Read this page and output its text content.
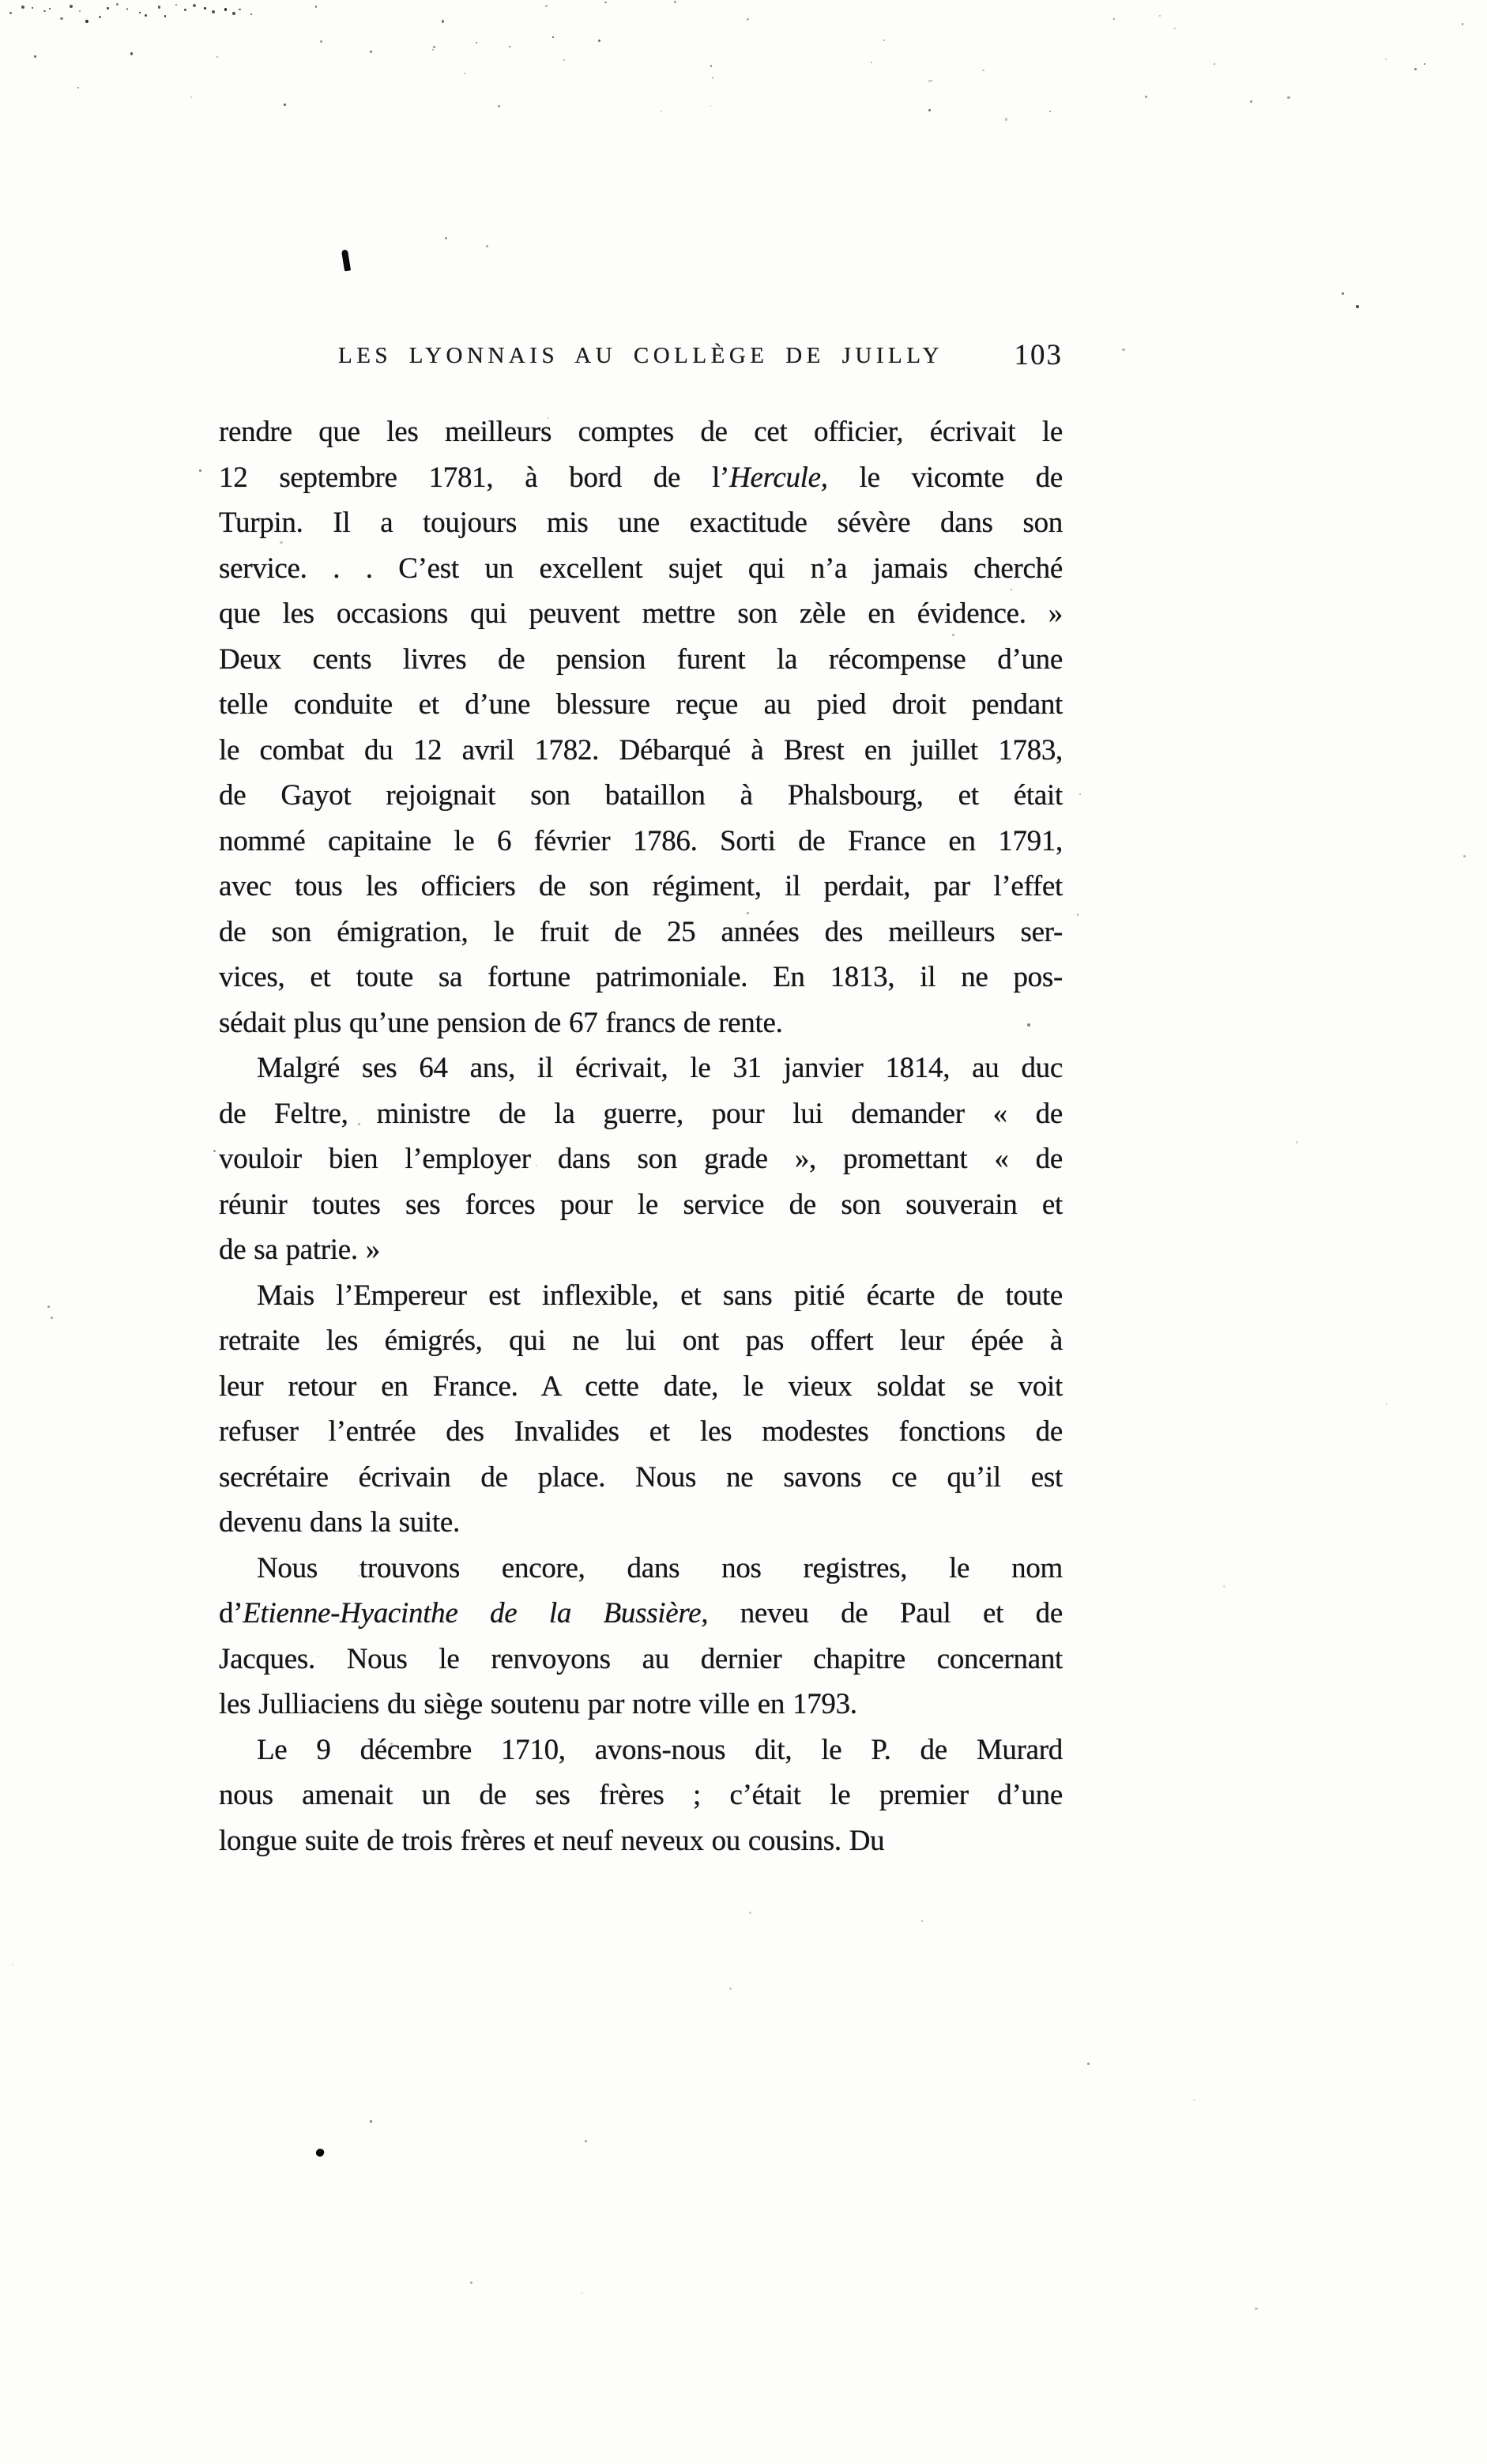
LES LYONNAIS AU COLLÈGE DE JUILLY 103
rendre que les meilleurs comptes de cet officier, écrivait le
12 septembre 1781, à bord de l’Hercule, le vicomte de
Turpin. Il a toujours mis une exactitude sévère dans son
service. . . C’est un excellent sujet qui n’a jamais cherché
que les occasions qui peuvent mettre son zèle en évidence. »
Deux cents livres de pension furent la récompense d’une
telle conduite et d’une blessure reçue au pied droit pendant
le combat du 12 avril 1782. Débarqué à Brest en juillet 1783,
de Gayot rejoignait son bataillon à Phalsbourg, et était
nommé capitaine le 6 février 1786. Sorti de France en 1791,
avec tous les officiers de son régiment, il perdait, par l’effet
de son émigration, le fruit de 25 années des meilleurs ser-
vices, et toute sa fortune patrimoniale. En 1813, il ne pos-
sédait plus qu’une pension de 67 francs de rente.
Malgré ses 64 ans, il écrivait, le 31 janvier 1814, au duc
de Feltre, ministre de la guerre, pour lui demander « de
vouloir bien l’employer dans son grade », promettant « de
réunir toutes ses forces pour le service de son souverain et
de sa patrie. »
Mais l’Empereur est inflexible, et sans pitié écarte de toute
retraite les émigrés, qui ne lui ont pas offert leur épée à
leur retour en France. A cette date, le vieux soldat se voit
refuser l’entrée des Invalides et les modestes fonctions de
secrétaire écrivain de place. Nous ne savons ce qu’il est
devenu dans la suite.
Nous trouvons encore, dans nos registres, le nom
d’Etienne-Hyacinthe de la Bussière, neveu de Paul et de
Jacques. Nous le renvoyons au dernier chapitre concernant
les Julliaciens du siège soutenu par notre ville en 1793.
Le 9 décembre 1710, avons-nous dit, le P. de Murard
nous amenait un de ses frères ; c’était le premier d’une
longue suite de trois frères et neuf neveux ou cousins. Du
